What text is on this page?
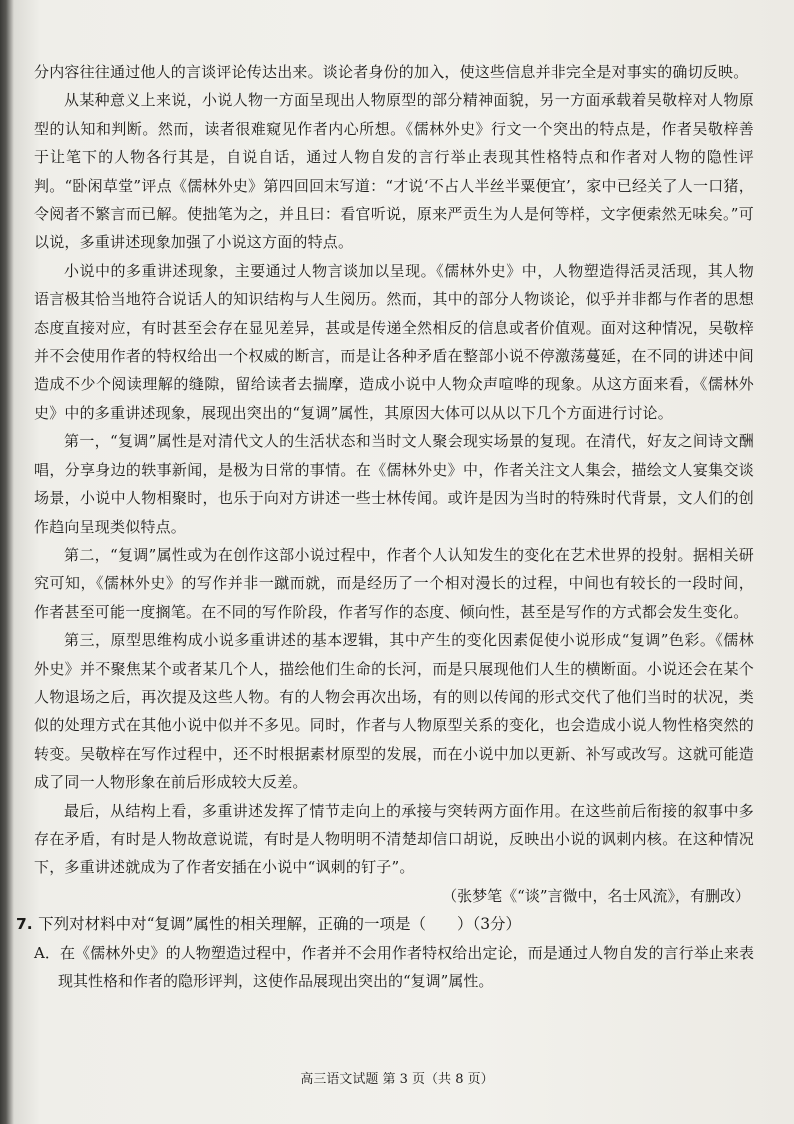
分内容往往通过他人的言谈评论传达出来。谈论者身份的加入，使这些信息并非完全是对事实的确切反映。

从某种意义上来说，小说人物一方面呈现出人物原型的部分精神面貌，另一方面承载着吴敬梓对人物原型的认知和判断。然而，读者很难窥见作者内心所想。《儒林外史》行文一个突出的特点是，作者吴敬梓善于让笔下的人物各行其是，自说自话，通过人物自发的言行举止表现其性格特点和作者对人物的隐性评判。“卧闲草堂”评点《儒林外史》第四回回末写道：“才说‘不占人半丝半粟便宜’，家中已经关了人一口猪，令阅者不繁言而已解。使拙笔为之，并且曰：看官听说，原来严贡生为人是何等样，文字便索然无味矣。”可以说，多重讲述现象加强了小说这方面的特点。

小说中的多重讲述现象，主要通过人物言谈加以呈现。《儒林外史》中，人物塑造得活灵活现，其人物语言极其恰当地符合说话人的知识结构与人生阅历。然而，其中的部分人物谈论，似乎并非都与作者的思想态度直接对应，有时甚至会存在显见差异，甚或是传递全然相反的信息或者价值观。面对这种情况，吴敬梓并不会使用作者的特权给出一个权威的断言，而是让各种矛盾在整部小说不停激荡蔓延，在不同的讲述中间造成不少个阅读理解的缝隙，留给读者去揣摩，造成小说中人物众声喧哗的现象。从这方面来看，《儒林外史》中的多重讲述现象，展现出突出的“复调”属性，其原因大体可以从以下几个方面进行讨论。

第一，“复调”属性是对清代文人的生活状态和当时文人聚会现实场景的复现。在清代，好友之间诗文酬唱，分享身边的轶事新闻，是极为日常的事情。在《儒林外史》中，作者关注文人集会，描绘文人宴集交谈场景，小说中人物相聚时，也乐于向对方讲述一些士林传闻。或许是因为当时的特殊时代背景，文人们的创作趋向呈现类似特点。

第二，“复调”属性或为在创作这部小说过程中，作者个人认知发生的变化在艺术世界的投射。据相关研究可知，《儒林外史》的写作并非一蹴而就，而是经历了一个相对漫长的过程，中间也有较长的一段时间，作者甚至可能一度搁笔。在不同的写作阶段，作者写作的态度、倾向性，甚至是写作的方式都会发生变化。

第三，原型思维构成小说多重讲述的基本逻辑，其中产生的变化因素促使小说形成“复调”色彩。《儒林外史》并不聚焦某个或者某几个人，描绘他们生命的长河，而是只展现他们人生的横断面。小说还会在某个人物退场之后，再次提及这些人物。有的人物会再次出场，有的则以传闻的形式交代了他们当时的状况，类似的处理方式在其他小说中似并不多见。同时，作者与人物原型关系的变化，也会造成小说人物性格突然的转变。吴敬梓在写作过程中，还不时根据素材原型的发展，而在小说中加以更新、补写或改写。这就可能造成了同一人物形象在前后形成较大反差。

最后，从结构上看，多重讲述发挥了情节走向上的承接与突转两方面作用。在这些前后衔接的叙事中多存在矛盾，有时是人物故意说谎，有时是人物明明不清楚却信口胡说，反映出小说的讽刺内核。在这种情况下，多重讲述就成为了作者安插在小说中“讽刺的钉子”。

（张梦笔《“谈”言微中，名士风流》，有删改）

7. 下列对材料中对“复调”属性的相关理解，正确的一项是（　　）（3分）

A．在《儒林外史》的人物塑造过程中，作者并不会用作者特权给出定论，而是通过人物自发的言行举止来表现其性格和作者的隐形评判，这使作品展现出突出的“复调”属性。

高三语文试题 第 3 页（共 8 页）
